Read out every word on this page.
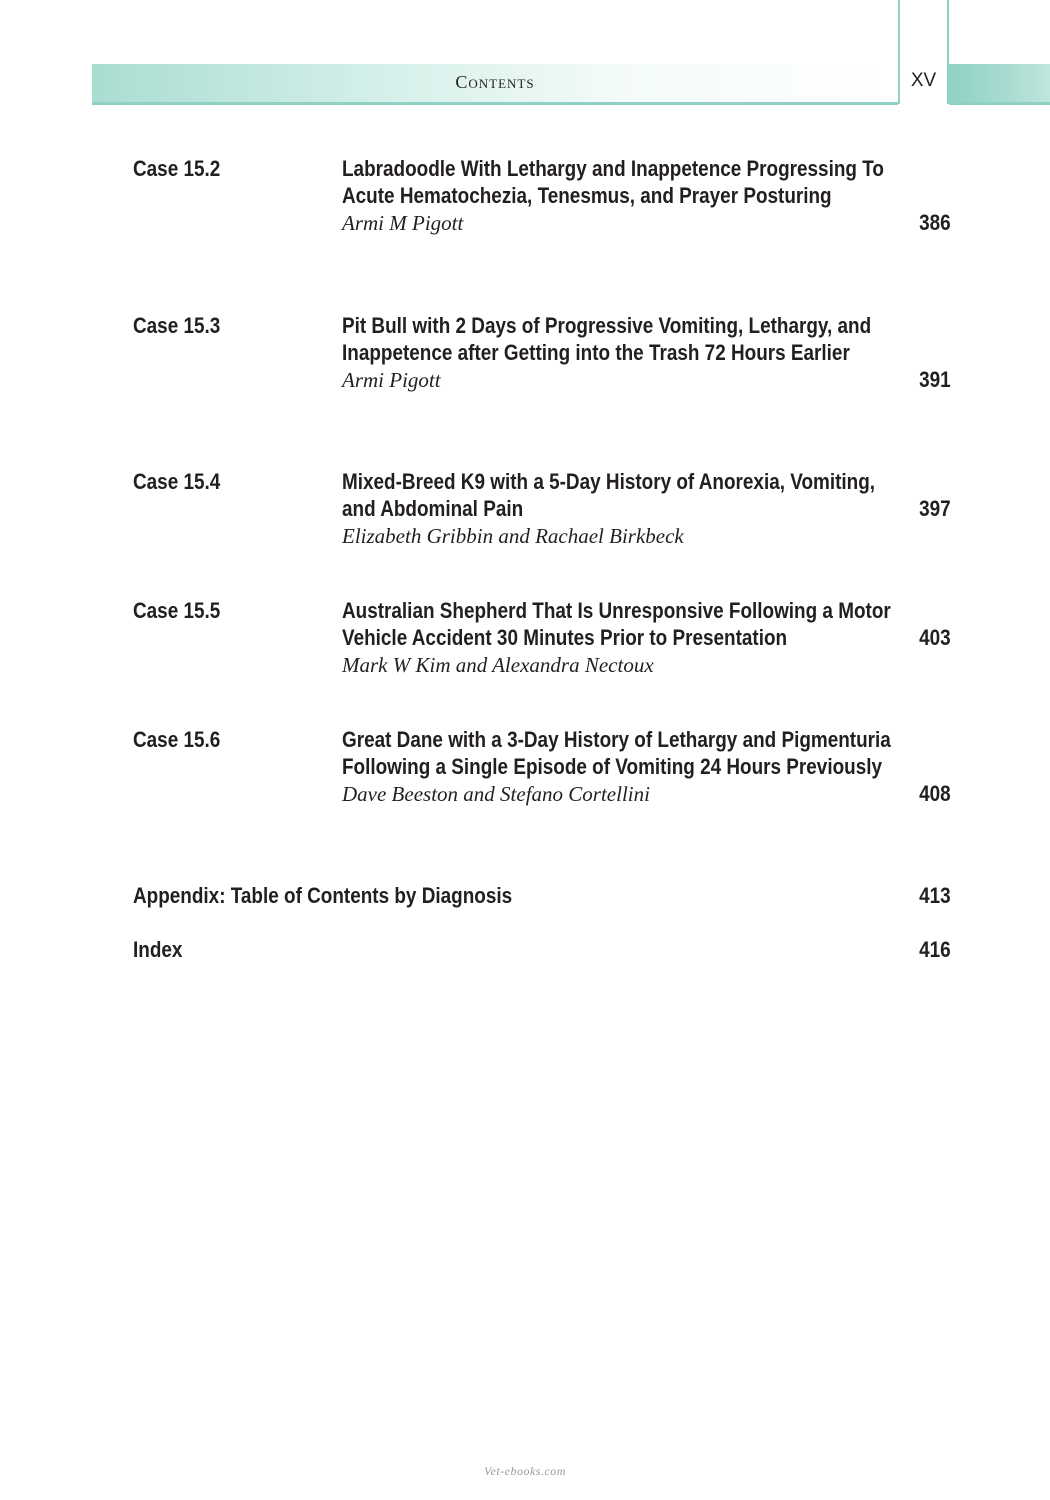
Contents	XV
Case 15.2	Labradoodle With Lethargy and Inappetence Progressing To Acute Hematochezia, Tenesmus, and Prayer Posturing
Armi M Pigott	386
Case 15.3	Pit Bull with 2 Days of Progressive Vomiting, Lethargy, and Inappetence after Getting into the Trash 72 Hours Earlier
Armi Pigott	391
Case 15.4	Mixed-Breed K9 with a 5-Day History of Anorexia, Vomiting, and Abdominal Pain
Elizabeth Gribbin and Rachael Birkbeck
397
Case 15.5	Australian Shepherd That Is Unresponsive Following a Motor Vehicle Accident 30 Minutes Prior to Presentation
Mark W Kim and Alexandra Nectoux
403
Case 15.6	Great Dane with a 3-Day History of Lethargy and Pigmenturia Following a Single Episode of Vomiting 24 Hours Previously
Dave Beeston and Stefano Cortellini	408
Appendix: Table of Contents by Diagnosis	413
Index	416
Vet-ebooks.com
